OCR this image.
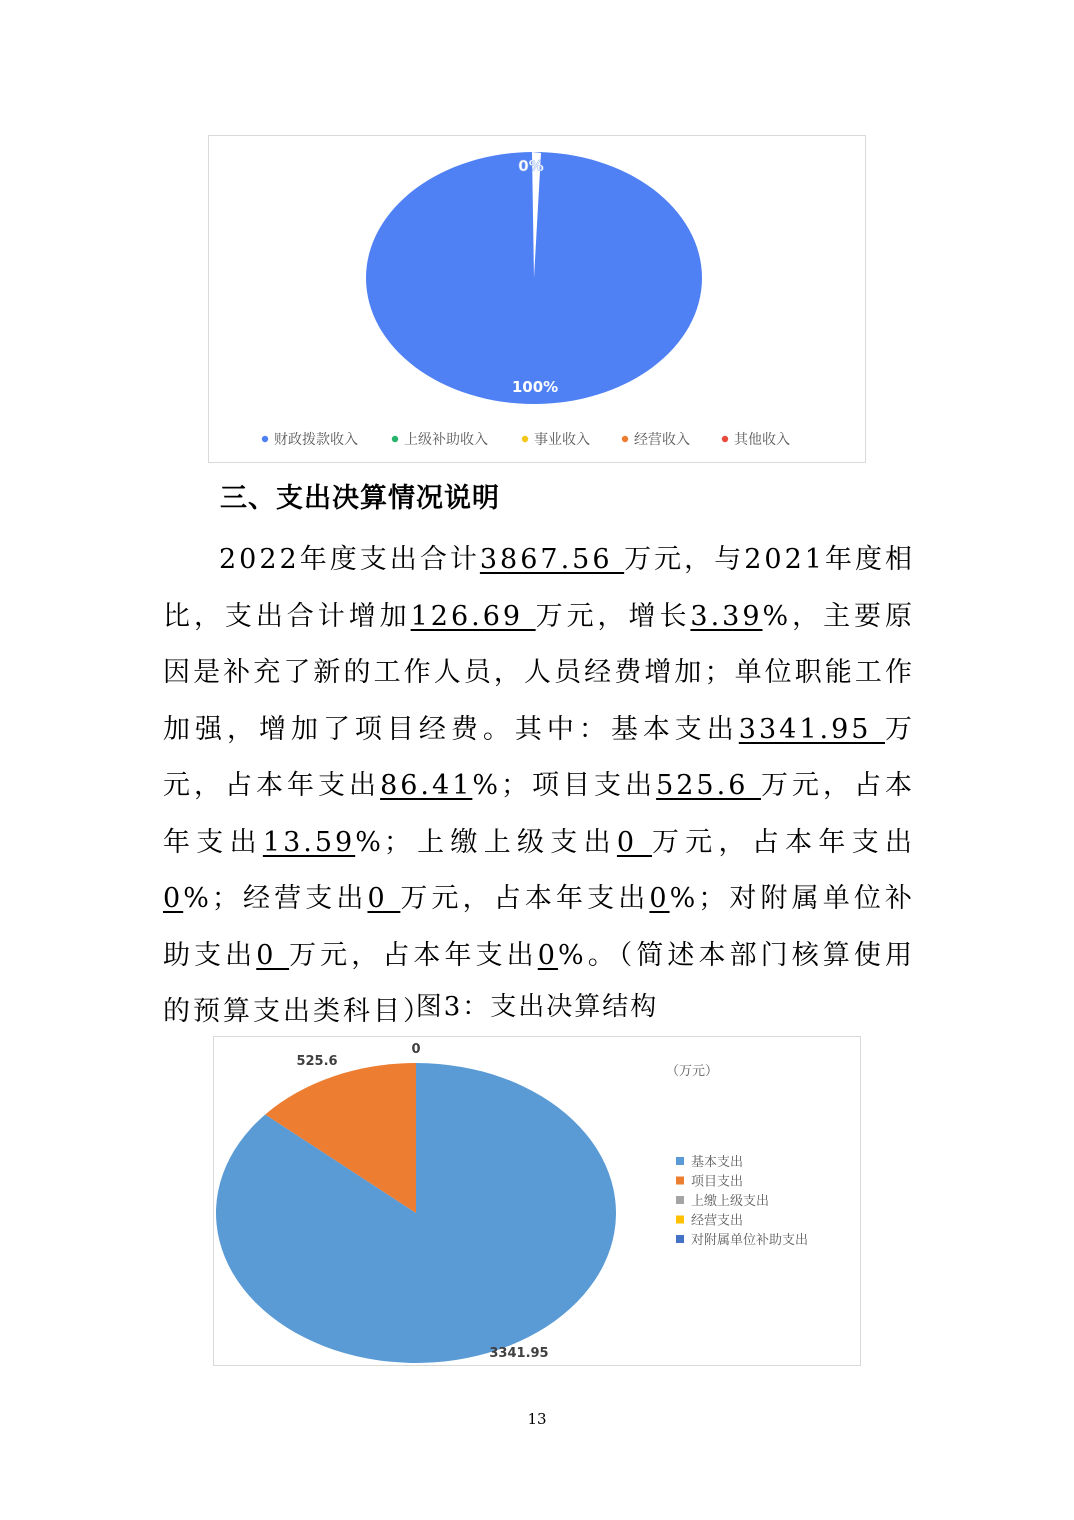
100%
0%
财政拨款收入	上级补助收入	事业收入	经营收入	其他收入
三、支出决算情况说明

2022年度支出合计3867.56 万元，与2021年度相比，支出合计增加126.69 万元，增长3.39%，主要原因是补充了新的工作人员，人员经费增加；单位职能工作加强，增加了项目经费。其中：基本支出3341.95 万元，占本年支出86.41%；项目支出525.6 万元，占本年支出13.59%；上缴上级支出0 万元，占本年支出0%；经营支出0 万元，占本年支出0%；对附属单位补助支出0 万元，占本年支出0%。（简述本部门核算使用的预算支出类科目）

图3：支出决算结构
3341.95
525.6
0
（万元）
基本支出
项目支出
上缴上级支出
经营支出
对附属单位补助支出
13
